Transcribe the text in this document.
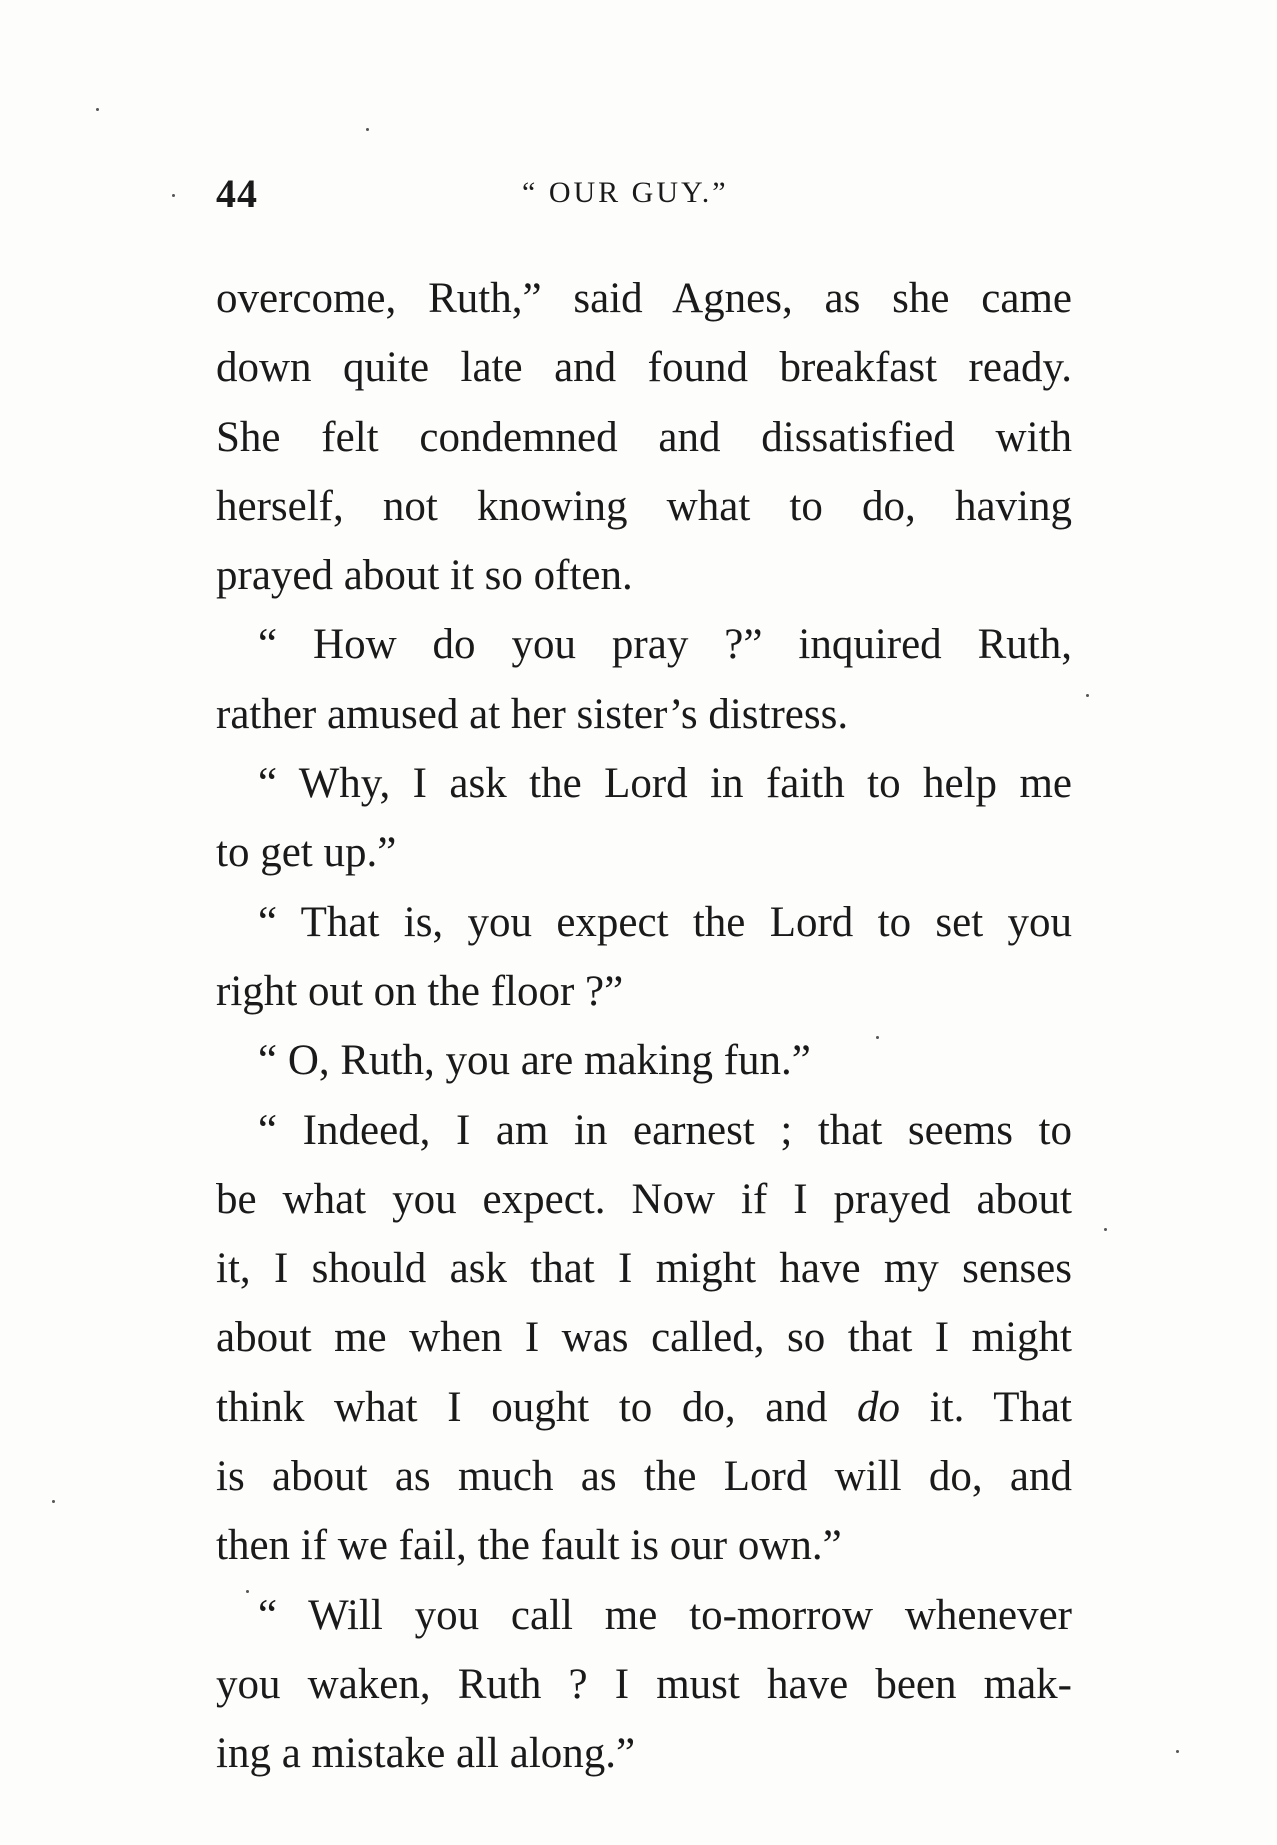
44	“ OUR GUY.”
overcome, Ruth,” said Agnes, as she came
down quite late and found breakfast ready.
She felt condemned and dissatisfied with
herself, not knowing what to do, having
prayed about it so often.
“ How do you pray ?” inquired Ruth,
rather amused at her sister’s distress.
“ Why, I ask the Lord in faith to help me
to get up.”
“ That is, you expect the Lord to set you
right out on the floor ?”
“ O, Ruth, you are making fun.”
“ Indeed, I am in earnest ; that seems to
be what you expect. Now if I prayed about
it, I should ask that I might have my senses
about me when I was called, so that I might
think what I ought to do, and do it. That
is about as much as the Lord will do, and
then if we fail, the fault is our own.”
“ Will you call me to-morrow whenever
you waken, Ruth ? I must have been mak-
ing a mistake all along.”
